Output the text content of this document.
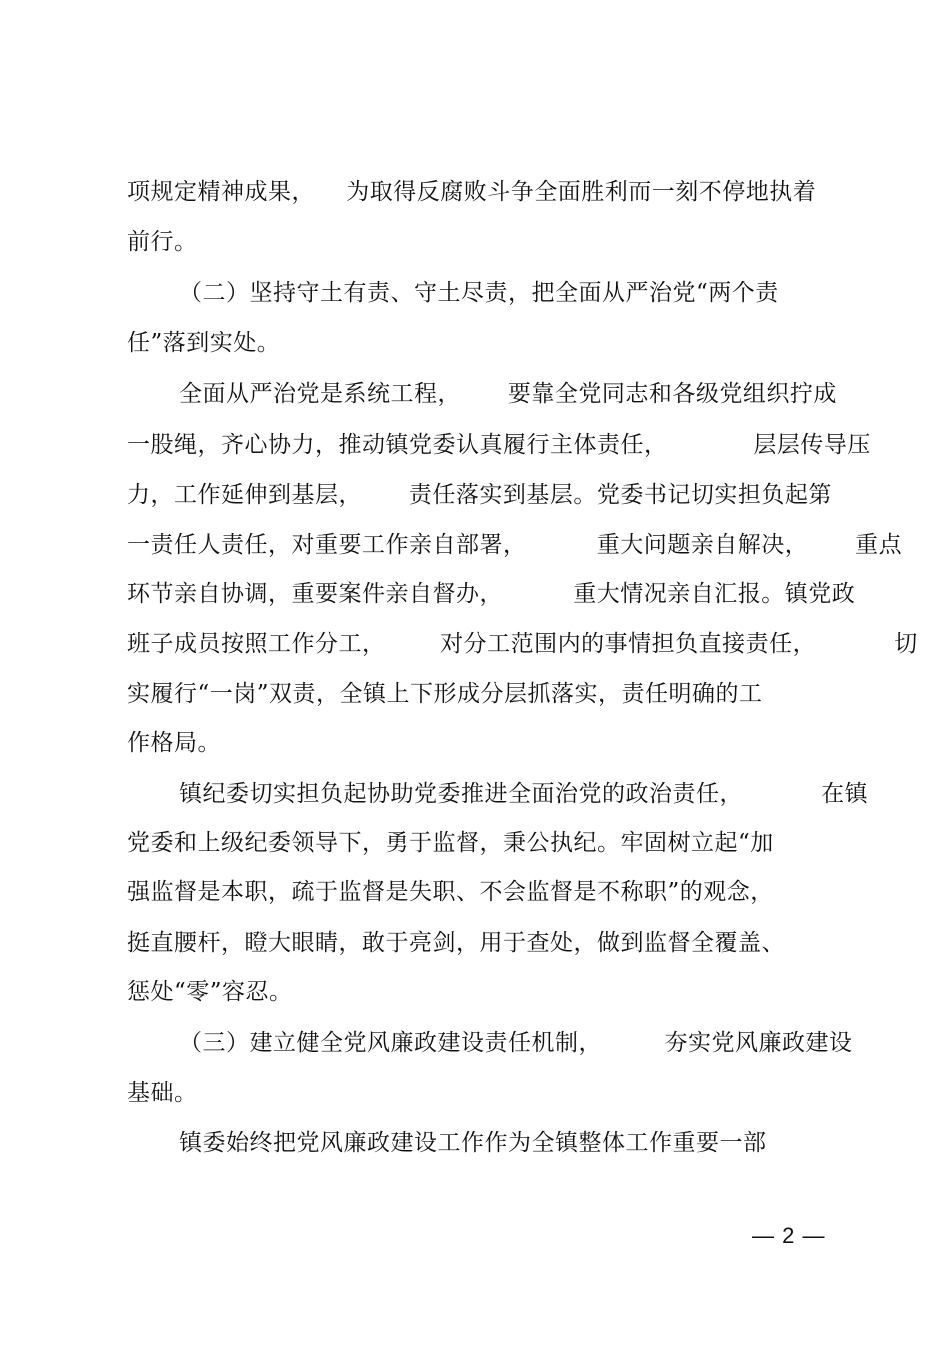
项规定精神成果，    为取得反腐败斗争全面胜利而一刻不停地执着
前行。
（二）坚持守土有责、守土尽责，把全面从严治党“两个责
任”落到实处。
全面从严治党是系统工程，      要靠全党同志和各级党组织拧成
一股绳，齐心协力，推动镇党委认真履行主体责任，           层层传导压
力，工作延伸到基层，      责任落实到基层。党委书记切实担负起第
一责任人责任，对重要工作亲自部署，         重大问题亲自解决，      重点
环节亲自协调，重要案件亲自督办，         重大情况亲自汇报。镇党政
班子成员按照工作分工，       对分工范围内的事情担负直接责任，          切
实履行“一岗”双责，全镇上下形成分层抓落实，责任明确的工
作格局。
镇纪委切实担负起协助党委推进全面治党的政治责任，          在镇
党委和上级纪委领导下，勇于监督，秉公执纪。牢固树立起“加
强监督是本职，疏于监督是失职、不会监督是不称职”的观念，
挺直腰杆，瞪大眼睛，敢于亮剑，用于查处，做到监督全覆盖、
惩处“零”容忍。
（三）建立健全党风廉政建设责任机制，        夯实党风廉政建设
基础。
镇委始终把党风廉政建设工作作为全镇整体工作重要一部
— 2 —
